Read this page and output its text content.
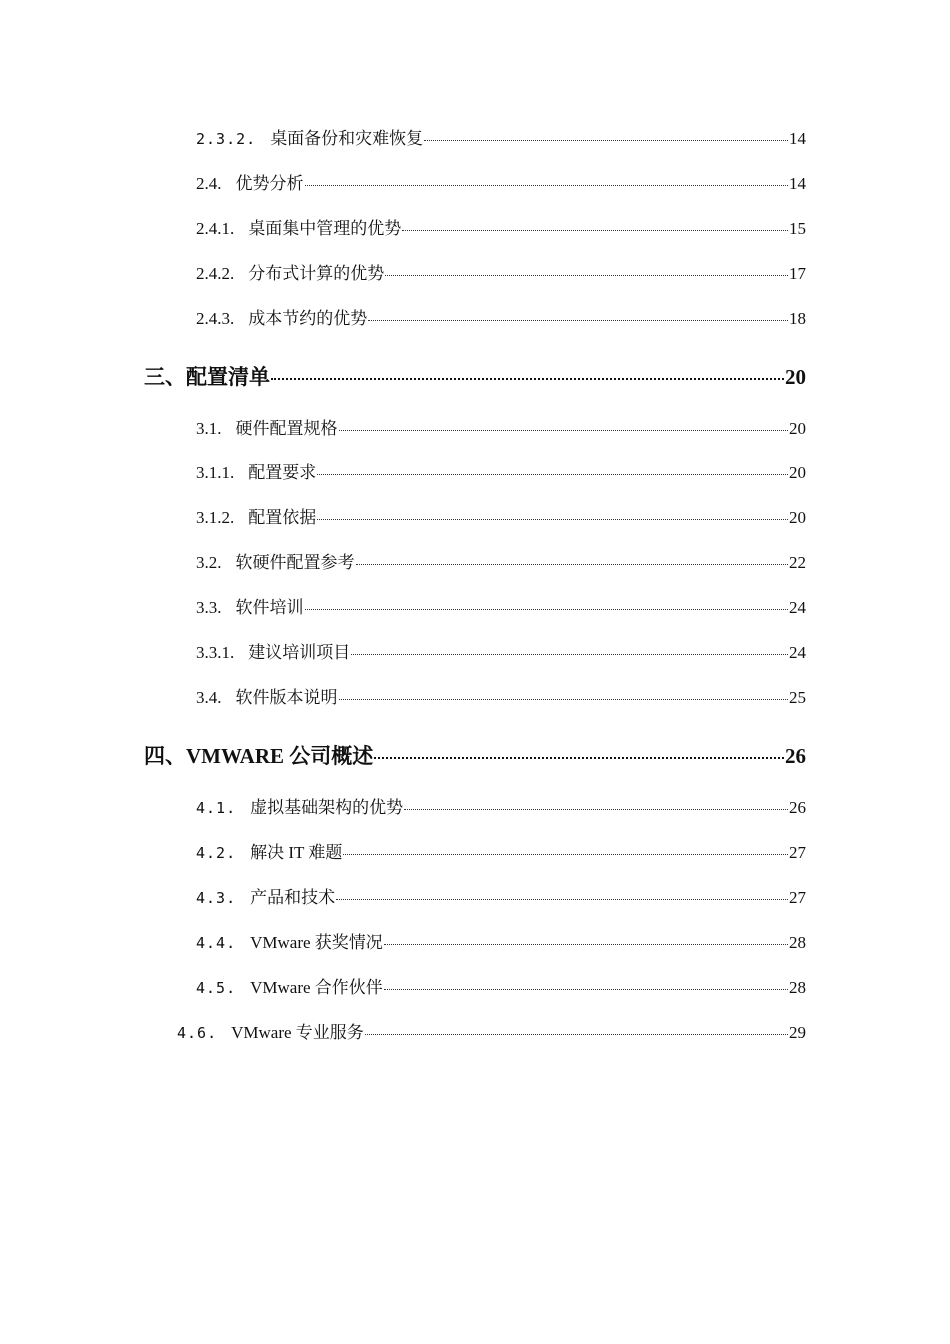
2.3.2. 桌面备份和灾难恢复	14
2.4. 优势分析	14
2.4.1. 桌面集中管理的优势	15
2.4.2. 分布式计算的优势	17
2.4.3. 成本节约的优势	18
三、配置清单	20
3.1. 硬件配置规格	20
3.1.1. 配置要求	20
3.1.2. 配置依据	20
3.2. 软硬件配置参考	22
3.3. 软件培训	24
3.3.1. 建议培训项目	24
3.4. 软件版本说明	25
四、VMWARE 公司概述	26
4.1. 虚拟基础架构的优势	26
4.2. 解决 IT 难题	27
4.3. 产品和技术	27
4.4. VMware 获奖情况	28
4.5. VMware 合作伙伴	28
4.6. VMware 专业服务	29
